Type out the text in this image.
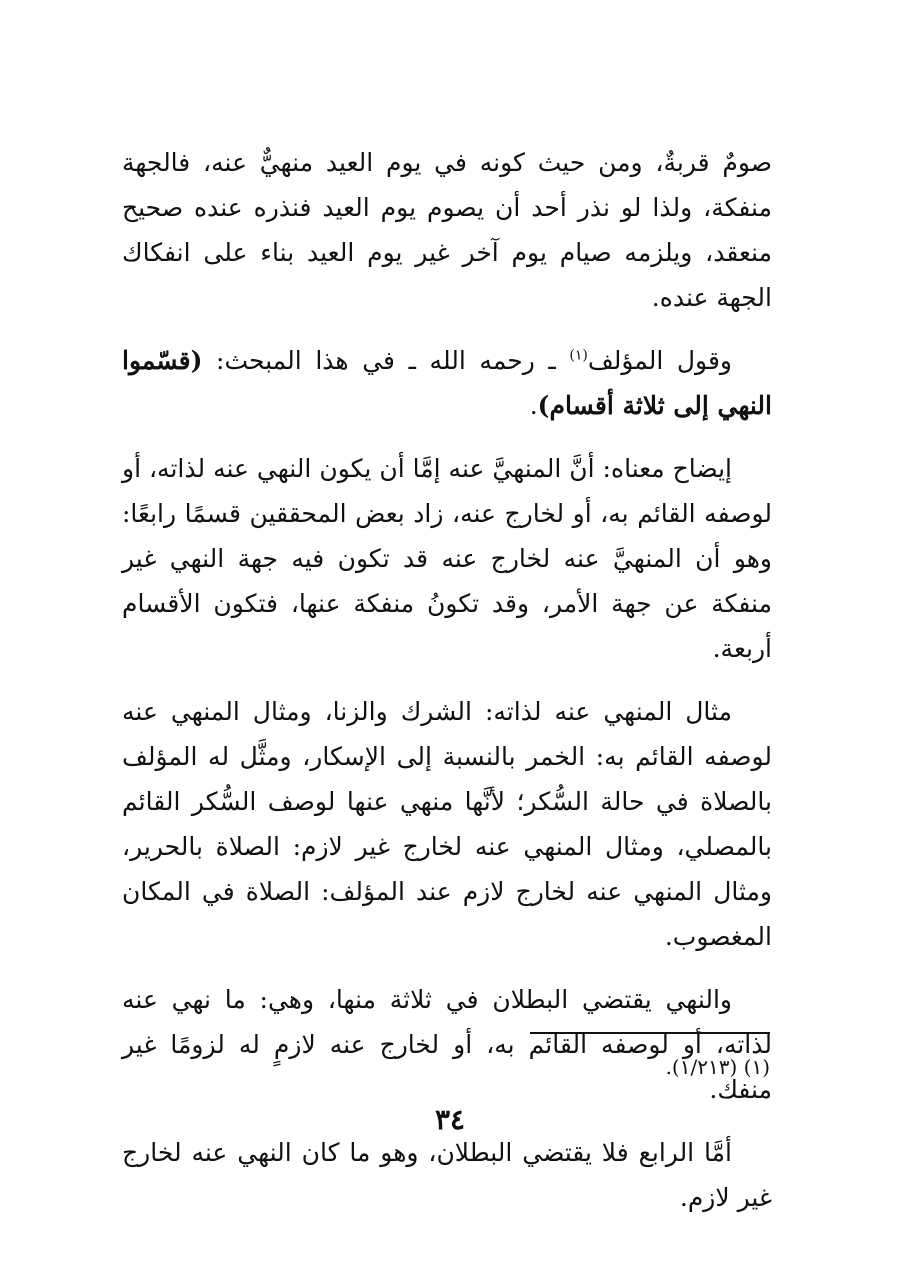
صومٌ قربةٌ، ومن حيث كونه في يوم العيد منهيٌّ عنه، فالجهة منفكة، ولذا لو نذر أحد أن يصوم يوم العيد فنذره عنده صحيح منعقد، ويلزمه صيام يوم آخر غير يوم العيد بناء على انفكاك الجهة عنده.

وقول المؤلف$^{(١)}$ ـ رحمه الله ـ في هذا المبحث: (قسّموا النهي إلى ثلاثة أقسام).

إيضاح معناه: أنَّ المنهيَّ عنه إمَّا أن يكون النهي عنه لذاته، أو لوصفه القائم به، أو لخارج عنه، زاد بعض المحققين قسمًا رابعًا: وهو أن المنهيَّ عنه لخارج عنه قد تكون فيه جهة النهي غير منفكة عن جهة الأمر، وقد تكونُ منفكة عنها، فتكون الأقسام أربعة.

مثال المنهي عنه لذاته: الشرك والزنا، ومثال المنهي عنه لوصفه القائم به: الخمر بالنسبة إلى الإسكار، ومثَّل له المؤلف بالصلاة في حالة السُّكر؛ لأنَّها منهي عنها لوصف السُّكر القائم بالمصلي، ومثال المنهي عنه لخارج غير لازم: الصلاة بالحرير، ومثال المنهي عنه لخارج لازم عند المؤلف: الصلاة في المكان المغصوب.

والنهي يقتضي البطلان في ثلاثة منها، وهي: ما نهي عنه لذاته، أو لوصفه القائم به، أو لخارج عنه لازمٍ له لزومًا غير منفك.

أمَّا الرابع فلا يقتضي البطلان، وهو ما كان النهي عنه لخارج غير لازم.

(١) (١/٢١٣).
٣٤
